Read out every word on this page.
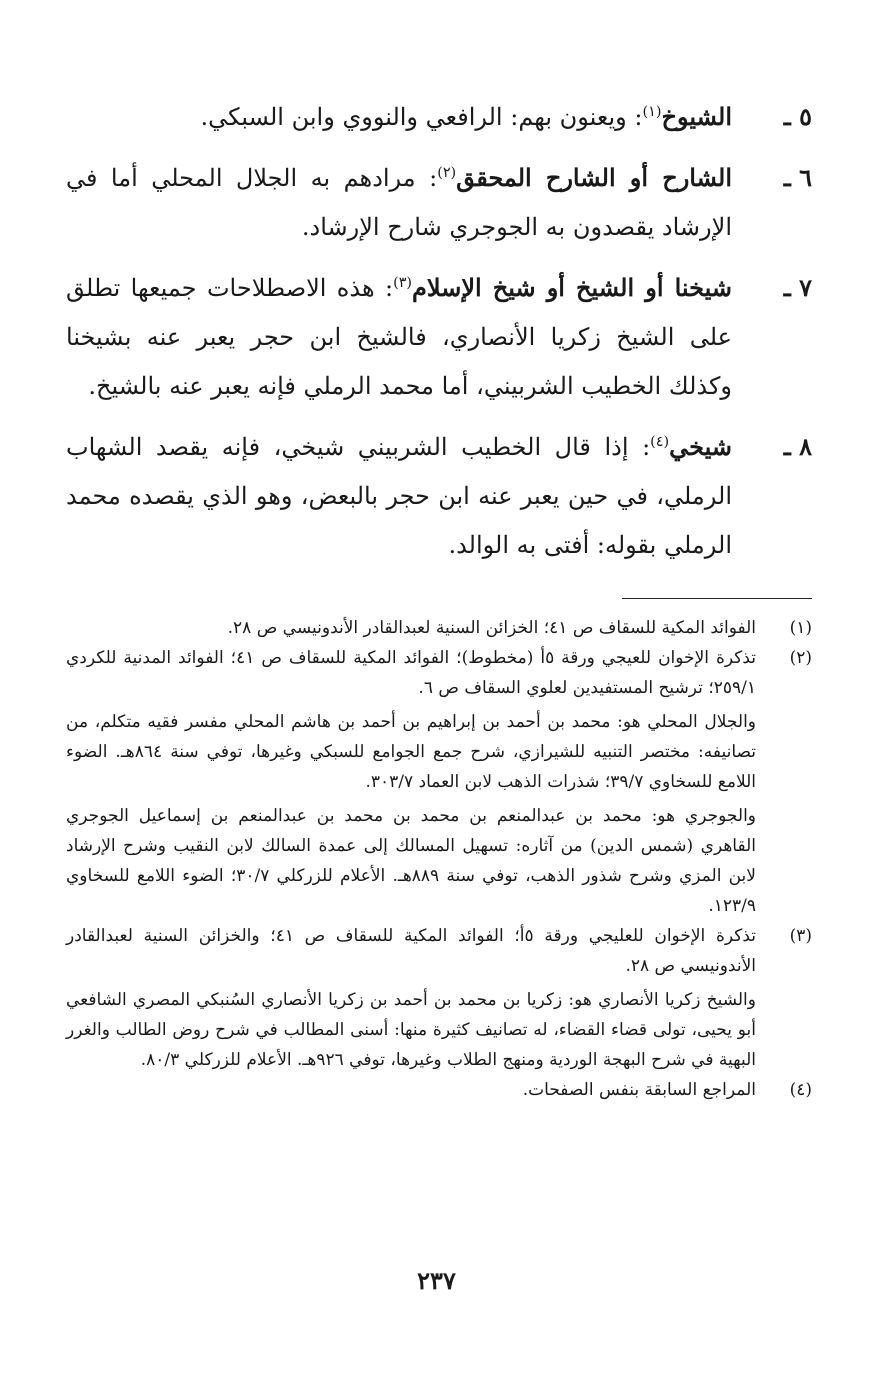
٥ ـ
الشيوخ$^{(١)}$: ويعنون بهم: الرافعي والنووي وابن السبكي.
٦ ـ
الشارح أو الشارح المحقق$^{(٢)}$: مرادهم به الجلال المحلي أما في الإرشاد يقصدون به الجوجري شارح الإرشاد.
٧ ـ
شيخنا أو الشيخ أو شيخ الإسلام$^{(٣)}$: هذه الاصطلاحات جميعها تطلق على الشيخ زكريا الأنصاري، فالشيخ ابن حجر يعبر عنه بشيخنا وكذلك الخطيب الشربيني، أما محمد الرملي فإنه يعبر عنه بالشيخ.
٨ ـ
شيخي$^{(٤)}$: إذا قال الخطيب الشربيني شيخي، فإنه يقصد الشهاب الرملي، في حين يعبر عنه ابن حجر بالبعض، وهو الذي يقصده محمد الرملي بقوله: أفتى به الوالد.
(١)
الفوائد المكية للسقاف ص ٤١؛ الخزائن السنية لعبدالقادر الأندونيسي ص ٢٨.
(٢)
تذكرة الإخوان للعيجي ورقة ٥أ (مخطوط)؛ الفوائد المكية للسقاف ص ٤١؛ الفوائد المدنية للكردي ٢٥٩/١؛ ترشيح المستفيدين لعلوي السقاف ص ٦.
والجلال المحلي هو: محمد بن أحمد بن إبراهيم بن أحمد بن هاشم المحلي مفسر فقيه متكلم، من تصانيفه: مختصر التنبيه للشيرازي، شرح جمع الجوامع للسبكي وغيرها، توفي سنة ٨٦٤هـ. الضوء اللامع للسخاوي ٣٩/٧؛ شذرات الذهب لابن العماد ٣٠٣/٧.
والجوجري هو: محمد بن عبدالمنعم بن محمد بن محمد بن عبدالمنعم بن إسماعيل الجوجري القاهري (شمس الدين) من آثاره: تسهيل المسالك إلى عمدة السالك لابن النقيب وشرح الإرشاد لابن المزي وشرح شذور الذهب، توفي سنة ٨٨٩هـ. الأعلام للزركلي ٣٠/٧؛ الضوء اللامع للسخاوي ١٢٣/٩.
(٣)
تذكرة الإخوان للعليجي ورقة ٥أ؛ الفوائد المكية للسقاف ص ٤١؛ والخزائن السنية لعبدالقادر الأندونيسي ص ٢٨.
والشيخ زكريا الأنصاري هو: زكريا بن محمد بن أحمد بن زكريا الأنصاري السُنبكي المصري الشافعي أبو يحيى، تولى قضاء القضاء، له تصانيف كثيرة منها: أسنى المطالب في شرح روض الطالب والغرر البهية في شرح البهجة الوردية ومنهج الطلاب وغيرها، توفي ٩٢٦هـ. الأعلام للزركلي ٨٠/٣.
(٤)
المراجع السابقة بنفس الصفحات.
٢٣٧
